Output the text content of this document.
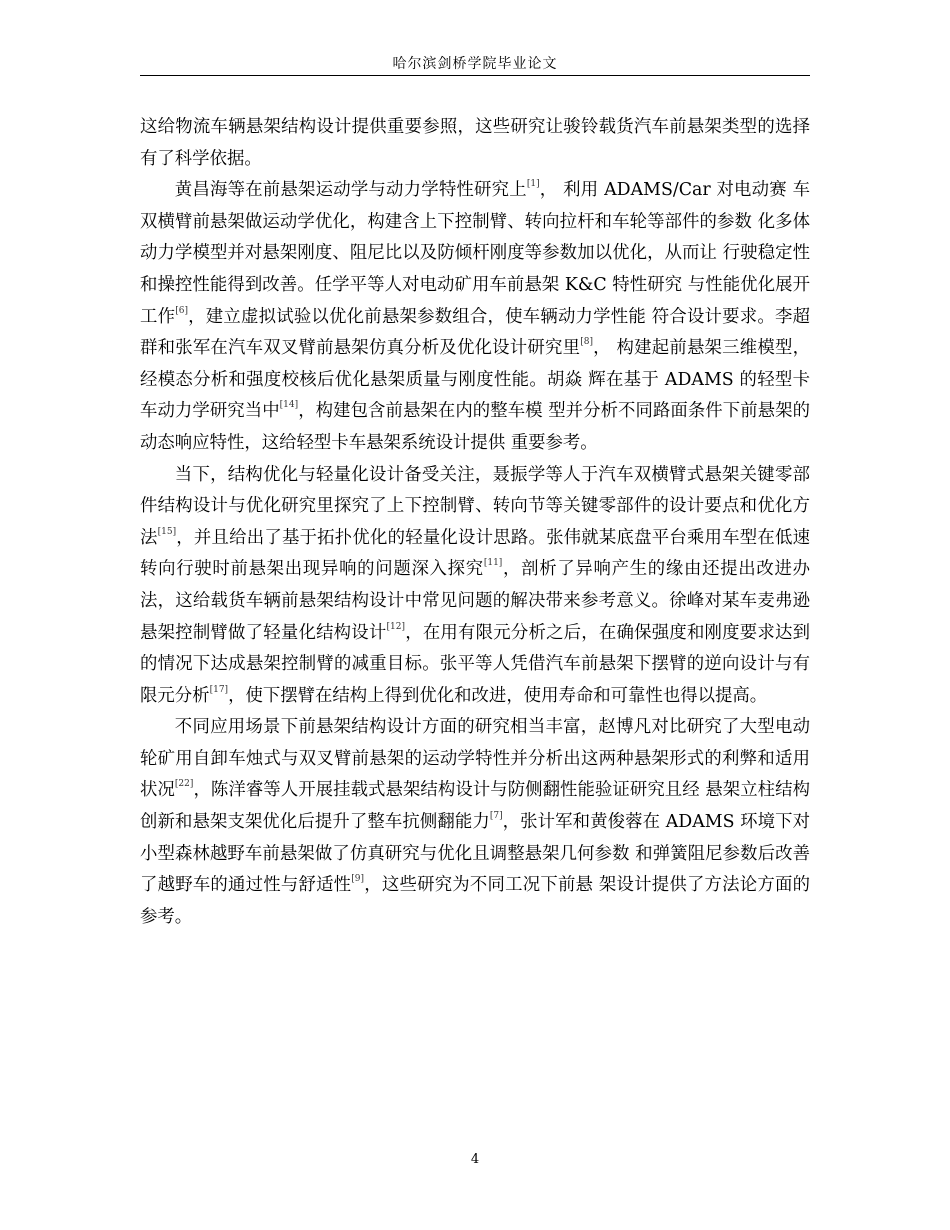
哈尔滨剑桥学院毕业论文

这给物流车辆悬架结构设计提供重要参照，这些研究让骏铃载货汽车前悬架类型的选择有了科学依据。

黄昌海等在前悬架运动学与动力学特性研究上[1]， 利用 ADAMS/Car 对电动赛 车双横臂前悬架做运动学优化，构建含上下控制臂、转向拉杆和车轮等部件的参数 化多体动力学模型并对悬架刚度、阻尼比以及防倾杆刚度等参数加以优化，从而让 行驶稳定性和操控性能得到改善。任学平等人对电动矿用车前悬架 K&C 特性研究 与性能优化展开工作[6]，建立虚拟试验以优化前悬架参数组合，使车辆动力学性能 符合设计要求。李超群和张军在汽车双叉臂前悬架仿真分析及优化设计研究里[8]， 构建起前悬架三维模型，经模态分析和强度校核后优化悬架质量与刚度性能。胡焱 辉在基于 ADAMS 的轻型卡车动力学研究当中[14]，构建包含前悬架在内的整车模 型并分析不同路面条件下前悬架的动态响应特性，这给轻型卡车悬架系统设计提供 重要参考。

当下，结构优化与轻量化设计备受关注，聂振学等人于汽车双横臂式悬架关键零部件结构设计与优化研究里探究了上下控制臂、转向节等关键零部件的设计要点和优化方法[15]，并且给出了基于拓扑优化的轻量化设计思路。张伟就某底盘平台乘用车型在低速转向行驶时前悬架出现异响的问题深入探究[11]，剖析了异响产生的缘由还提出改进办法，这给载货车辆前悬架结构设计中常见问题的解决带来参考意义。徐峰对某车麦弗逊悬架控制臂做了轻量化结构设计[12]，在用有限元分析之后，在确保强度和刚度要求达到的情况下达成悬架控制臂的减重目标。张平等人凭借汽车前悬架下摆臂的逆向设计与有限元分析[17]，使下摆臂在结构上得到优化和改进，使用寿命和可靠性也得以提高。

不同应用场景下前悬架结构设计方面的研究相当丰富，赵博凡对比研究了大型电动轮矿用自卸车烛式与双叉臂前悬架的运动学特性并分析出这两种悬架形式的利弊和适用状况[22]，陈洋睿等人开展挂载式悬架结构设计与防侧翻性能验证研究且经 悬架立柱结构创新和悬架支架优化后提升了整车抗侧翻能力[7]，张计军和黄俊蓉在 ADAMS 环境下对小型森林越野车前悬架做了仿真研究与优化且调整悬架几何参数 和弹簧阻尼参数后改善了越野车的通过性与舒适性[9]，这些研究为不同工况下前悬 架设计提供了方法论方面的参考。

4
